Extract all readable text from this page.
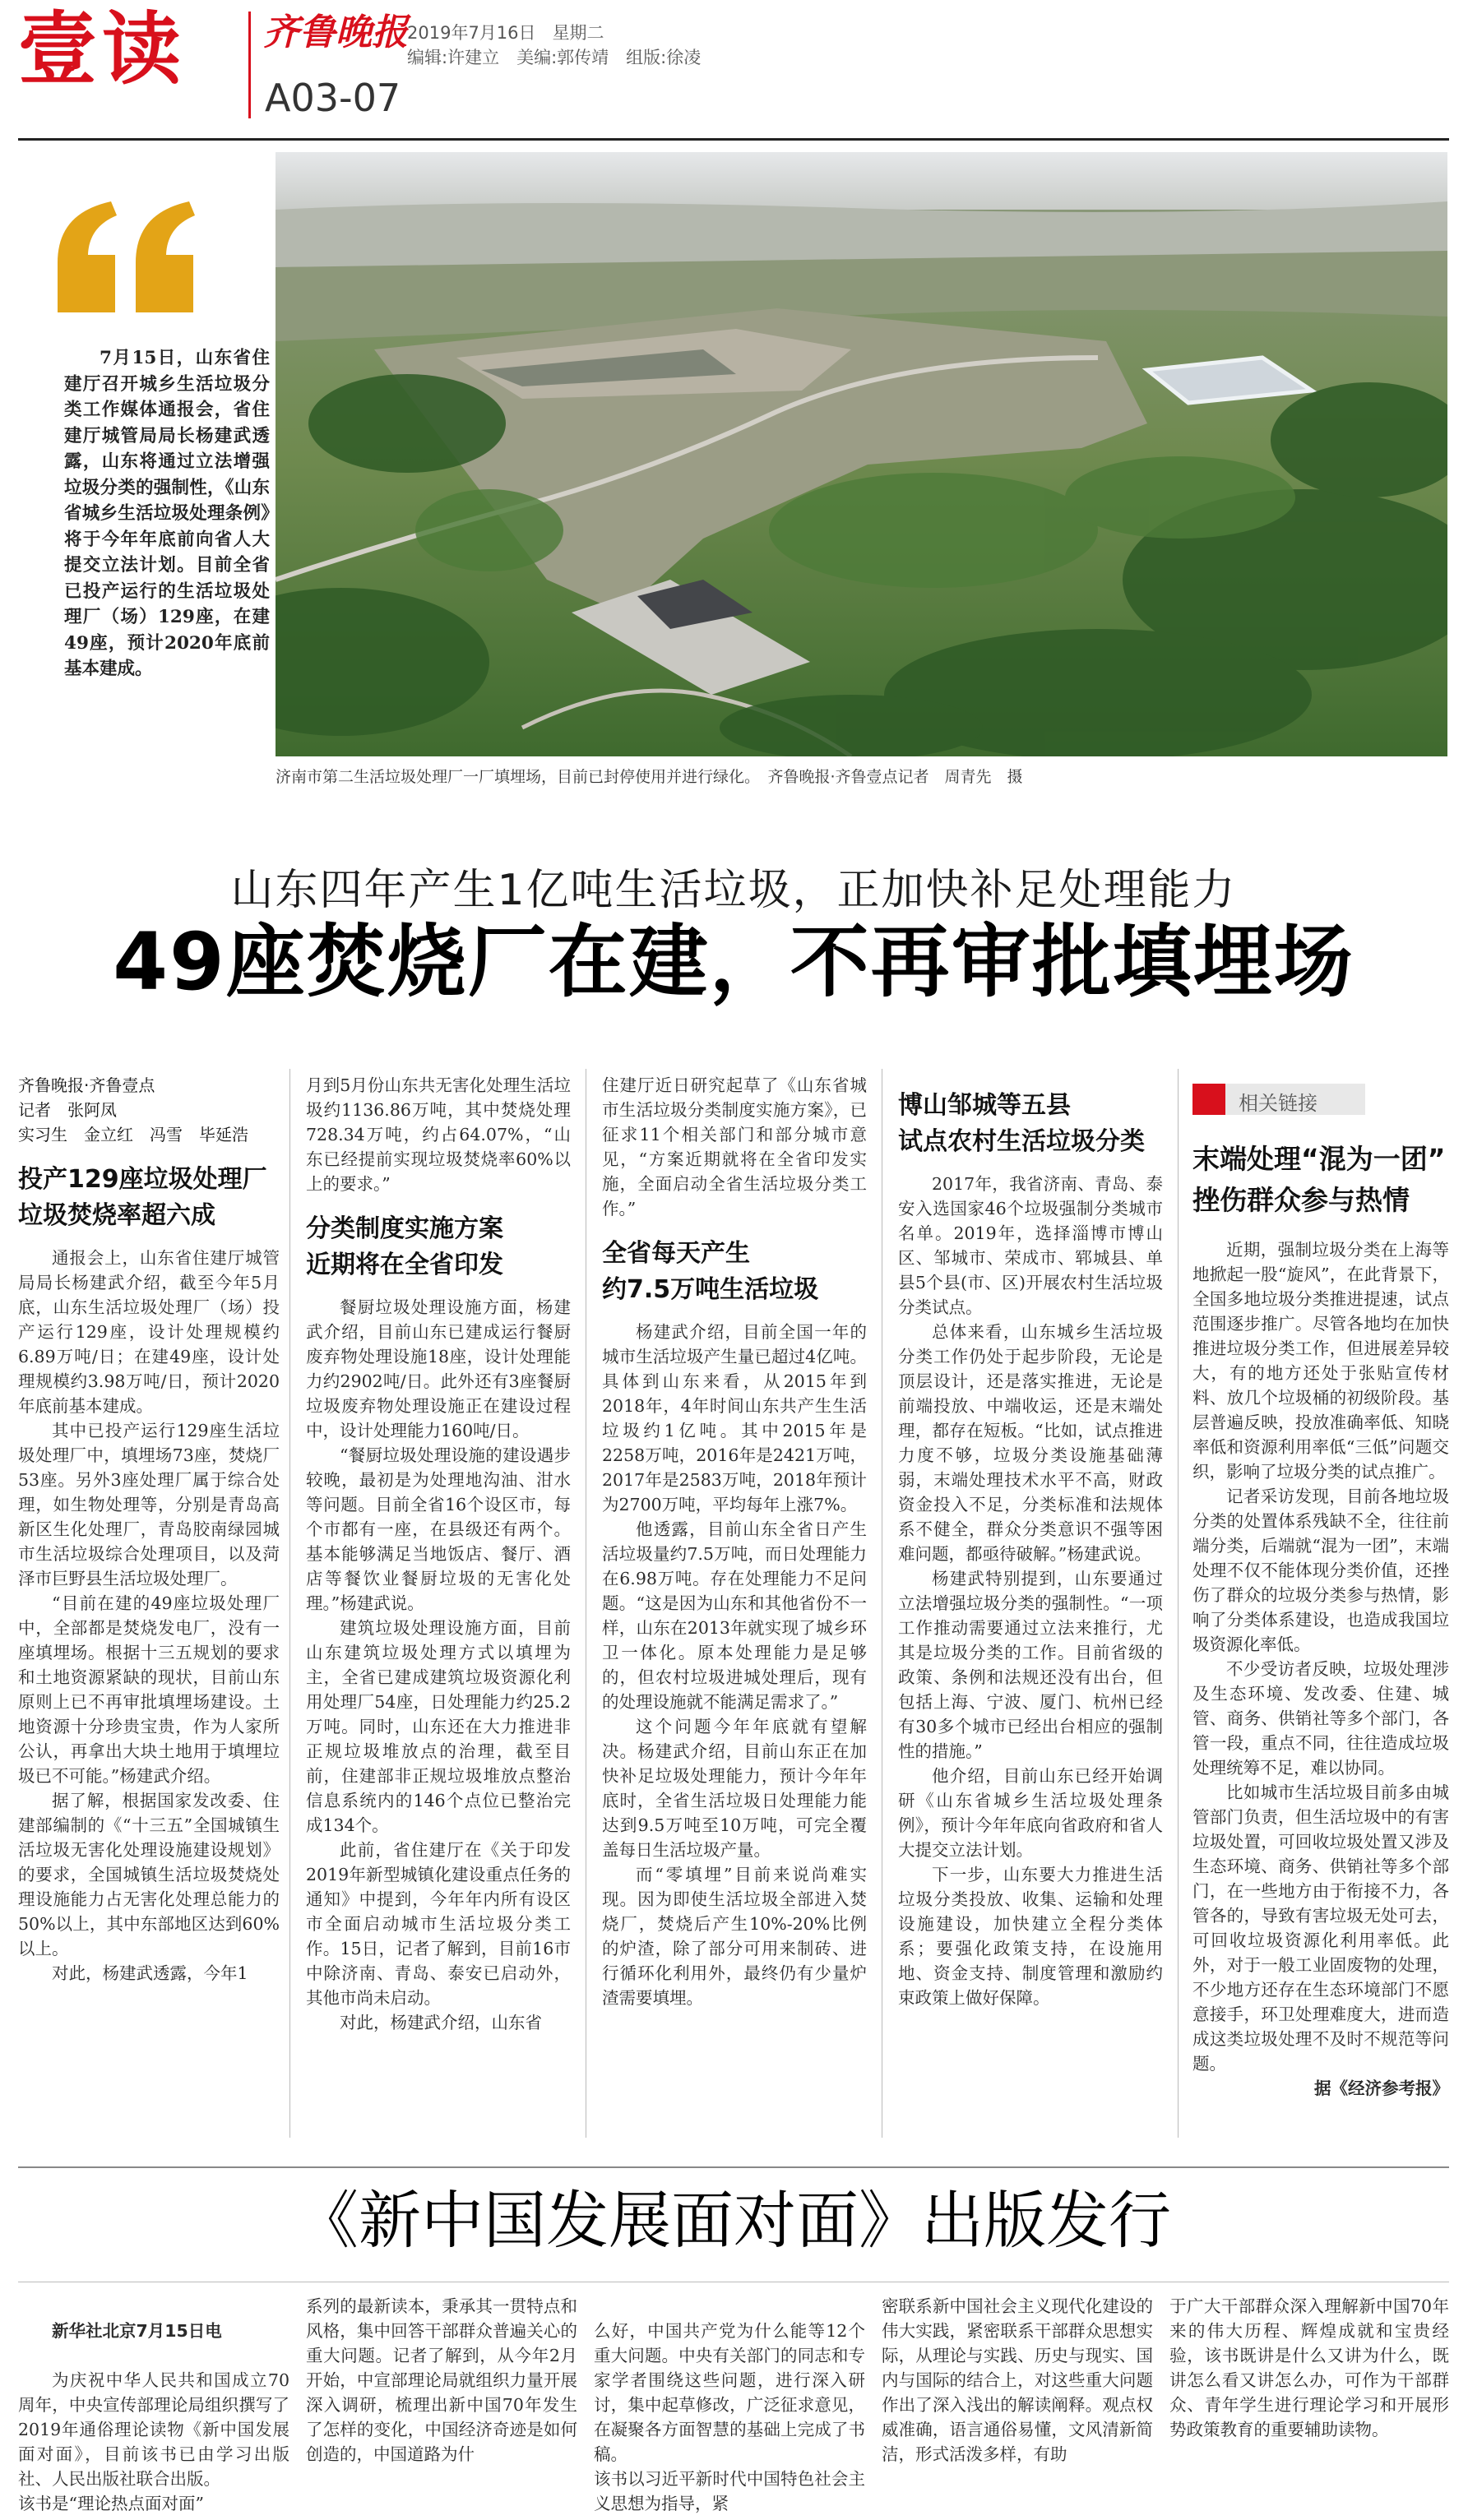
壹读 齐鲁晚报 2019年7月16日 星期二
编辑:许建立　美编:郭传靖　组版:徐凌
A03-07

7月15日，山东省住建厅召开城乡生活垃圾分类工作媒体通报会，省住建厅城管局局长杨建武透露，山东将通过立法增强垃圾分类的强制性，《山东省城乡生活垃圾处理条例》将于今年年底前向省人大提交立法计划。目前全省已投产运行的生活垃圾处理厂（场）129座，在建49座，预计2020年底前基本建成。

济南市第二生活垃圾处理厂一厂填埋场，目前已封停使用并进行绿化。　齐鲁晚报·齐鲁壹点记者　周青先　摄
山东四年产生1亿吨生活垃圾，正加快补足处理能力
49座焚烧厂在建，不再审批填埋场

齐鲁晚报·齐鲁壹点

记者　张阿凤

实习生　金立红　冯雪　毕延浩

投产129座垃圾处理厂
垃圾焚烧率超六成

通报会上，山东省住建厅城管局局长杨建武介绍，截至今年5月底，山东生活垃圾处理厂（场）投产运行129座，设计处理规模约6.89万吨/日；在建49座，设计处理规模约3.98万吨/日，预计2020年底前基本建成。

其中已投产运行129座生活垃圾处理厂中，填埋场73座，焚烧厂53座。另外3座处理厂属于综合处理，如生物处理等，分别是青岛高新区生化处理厂，青岛胶南绿园城市生活垃圾综合处理项目，以及菏泽市巨野县生活垃圾处理厂。

“目前在建的49座垃圾处理厂中，全部都是焚烧发电厂，没有一座填埋场。根据十三五规划的要求和土地资源紧缺的现状，目前山东原则上已不再审批填埋场建设。土地资源十分珍贵宝贵，作为人家所公认，再拿出大块土地用于填埋垃圾已不可能。”杨建武介绍。

据了解，根据国家发改委、住建部编制的《“十三五”全国城镇生活垃圾无害化处理设施建设规划》的要求，全国城镇生活垃圾焚烧处理设施能力占无害化处理总能力的50%以上，其中东部地区达到60%以上。

对此，杨建武透露，今年1

月到5月份山东共无害化处理生活垃圾约1136.86万吨，其中焚烧处理728.34万吨，约占64.07%，“山东已经提前实现垃圾焚烧率60%以上的要求。”

分类制度实施方案
近期将在全省印发

餐厨垃圾处理设施方面，杨建武介绍，目前山东已建成运行餐厨废弃物处理设施18座，设计处理能力约2902吨/日。此外还有3座餐厨垃圾废弃物处理设施正在建设过程中，设计处理能力160吨/日。

“餐厨垃圾处理设施的建设遇步较晚，最初是为处理地沟油、泔水等问题。目前全省16个设区市，每个市都有一座，在县级还有两个。基本能够满足当地饭店、餐厅、酒店等餐饮业餐厨垃圾的无害化处理。”杨建武说。

建筑垃圾处理设施方面，目前山东建筑垃圾处理方式以填埋为主，全省已建成建筑垃圾资源化利用处理厂54座，日处理能力约25.2万吨。同时，山东还在大力推进非正规垃圾堆放点的治理，截至目前，住建部非正规垃圾堆放点整治信息系统内的146个点位已整治完成134个。

此前，省住建厅在《关于印发2019年新型城镇化建设重点任务的通知》中提到，今年年内所有设区市全面启动城市生活垃圾分类工作。15日，记者了解到，目前16市中除济南、青岛、泰安已启动外，其他市尚未启动。

对此，杨建武介绍，山东省

住建厅近日研究起草了《山东省城市生活垃圾分类制度实施方案》，已征求11个相关部门和部分城市意见，“方案近期就将在全省印发实施，全面启动全省生活垃圾分类工作。”

全省每天产生
约7.5万吨生活垃圾

杨建武介绍，目前全国一年的城市生活垃圾产生量已超过4亿吨。具体到山东来看，从2015年到2018年，4年时间山东共产生生活垃圾约1亿吨。其中2015年是2258万吨，2016年是2421万吨，2017年是2583万吨，2018年预计为2700万吨，平均每年上涨7%。

他透露，目前山东全省日产生活垃圾量约7.5万吨，而日处理能力在6.98万吨。存在处理能力不足问题。“这是因为山东和其他省份不一样，山东在2013年就实现了城乡环卫一体化。原本处理能力是足够的，但农村垃圾进城处理后，现有的处理设施就不能满足需求了。”

这个问题今年年底就有望解决。杨建武介绍，目前山东正在加快补足垃圾处理能力，预计今年年底时，全省生活垃圾日处理能力能达到9.5万吨至10万吨，可完全覆盖每日生活垃圾产量。

而“零填埋”目前来说尚难实现。因为即使生活垃圾全部进入焚烧厂，焚烧后产生10%-20%比例的炉渣，除了部分可用来制砖、进行循环化利用外，最终仍有少量炉渣需要填埋。

博山邹城等五县
试点农村生活垃圾分类

2017年，我省济南、青岛、泰安入选国家46个垃圾强制分类城市名单。2019年，选择淄博市博山区、邹城市、荣成市、郓城县、单县5个县(市、区)开展农村生活垃圾分类试点。

总体来看，山东城乡生活垃圾分类工作仍处于起步阶段，无论是顶层设计，还是落实推进，无论是前端投放、中端收运，还是末端处理，都存在短板。“比如，试点推进力度不够，垃圾分类设施基础薄弱，末端处理技术水平不高，财政资金投入不足，分类标准和法规体系不健全，群众分类意识不强等困难问题，都亟待破解。”杨建武说。

杨建武特别提到，山东要通过立法增强垃圾分类的强制性。“一项工作推动需要通过立法来推行，尤其是垃圾分类的工作。目前省级的政策、条例和法规还没有出台，但包括上海、宁波、厦门、杭州已经有30多个城市已经出台相应的强制性的措施。”

他介绍，目前山东已经开始调研《山东省城乡生活垃圾处理条例》，预计今年年底向省政府和省人大提交立法计划。

下一步，山东要大力推进生活垃圾分类投放、收集、运输和处理设施建设，加快建立全程分类体系；要强化政策支持，在设施用地、资金支持、制度管理和激励约束政策上做好保障。

相关链接
末端处理“混为一团”
挫伤群众参与热情

近期，强制垃圾分类在上海等地掀起一股“旋风”，在此背景下，全国多地垃圾分类推进提速，试点范围逐步推广。尽管各地均在加快推进垃圾分类工作，但进展差异较大，有的地方还处于张贴宣传材料、放几个垃圾桶的初级阶段。基层普遍反映，投放准确率低、知晓率低和资源利用率低“三低”问题交织，影响了垃圾分类的试点推广。

记者采访发现，目前各地垃圾分类的处置体系残缺不全，往往前端分类，后端就“混为一团”，末端处理不仅不能体现分类价值，还挫伤了群众的垃圾分类参与热情，影响了分类体系建设，也造成我国垃圾资源化率低。

不少受访者反映，垃圾处理涉及生态环境、发改委、住建、城管、商务、供销社等多个部门，各管一段，重点不同，往往造成垃圾处理统筹不足，难以协同。

比如城市生活垃圾目前多由城管部门负责，但生活垃圾中的有害垃圾处置，可回收垃圾处置又涉及生态环境、商务、供销社等多个部门，在一些地方由于衔接不力，各管各的，导致有害垃圾无处可去，可回收垃圾资源化利用率低。此外，对于一般工业固废物的处理，不少地方还存在生态环境部门不愿意接手，环卫处理难度大，进而造成这类垃圾处理不及时不规范等问题。

据《经济参考报》

《新中国发展面对面》出版发行

新华社北京7月15日电

为庆祝中华人民共和国成立70周年，中央宣传部理论局组织撰写了2019年通俗理论读物《新中国发展面对面》，目前该书已由学习出版社、人民出版社联合出版。
该书是“理论热点面对面”

系列的最新读本，秉承其一贯特点和风格，集中回答干部群众普遍关心的重大问题。记者了解到，从今年2月开始，中宣部理论局就组织力量开展深入调研，梳理出新中国70年发生了怎样的变化，中国经济奇迹是如何创造的，中国道路为什

么好，中国共产党为什么能等12个重大问题。中央有关部门的同志和专家学者围绕这些问题，进行深入研讨，集中起草修改，广泛征求意见，在凝聚各方面智慧的基础上完成了书稿。
该书以习近平新时代中国特色社会主义思想为指导，紧

密联系新中国社会主义现代化建设的伟大实践，紧密联系干部群众思想实际，从理论与实践、历史与现实、国内与国际的结合上，对这些重大问题作出了深入浅出的解读阐释。观点权威准确，语言通俗易懂，文风清新简洁，形式活泼多样，有助

于广大干部群众深入理解新中国70年来的伟大历程、辉煌成就和宝贵经验，该书既讲是什么又讲为什么，既讲怎么看又讲怎么办，可作为干部群众、青年学生进行理论学习和开展形势政策教育的重要辅助读物。
